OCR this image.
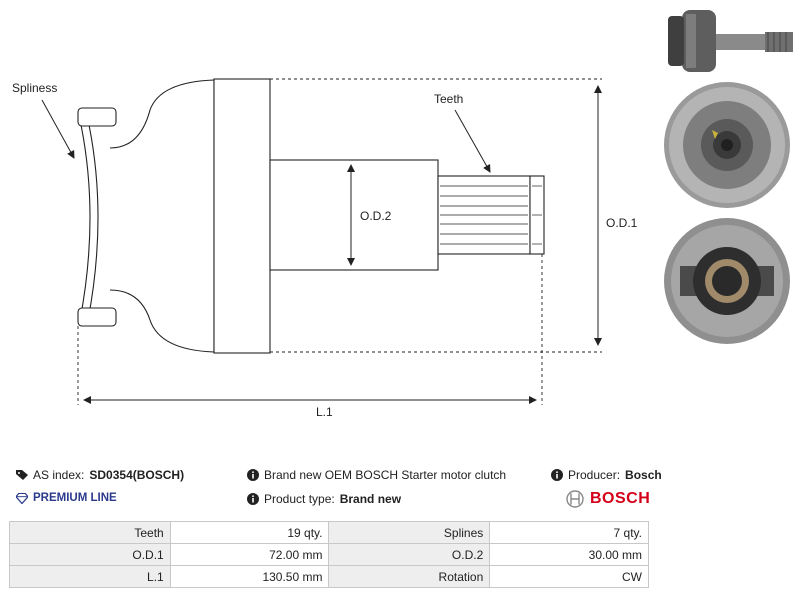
Spliness
Teeth
O.D.2	O.D.1
L.1
AS index: SD0354(BOSCH)	Brand new OEM BOSCH Starter motor clutch	Producer: Bosch
PREMIUM LINE	Product type: Brand new	BOSCH
Teeth	19 qty.	Splines	7 qty.
O.D.1	72.00 mm	O.D.2	30.00 mm
L.1	130.50 mm	Rotation	CW
